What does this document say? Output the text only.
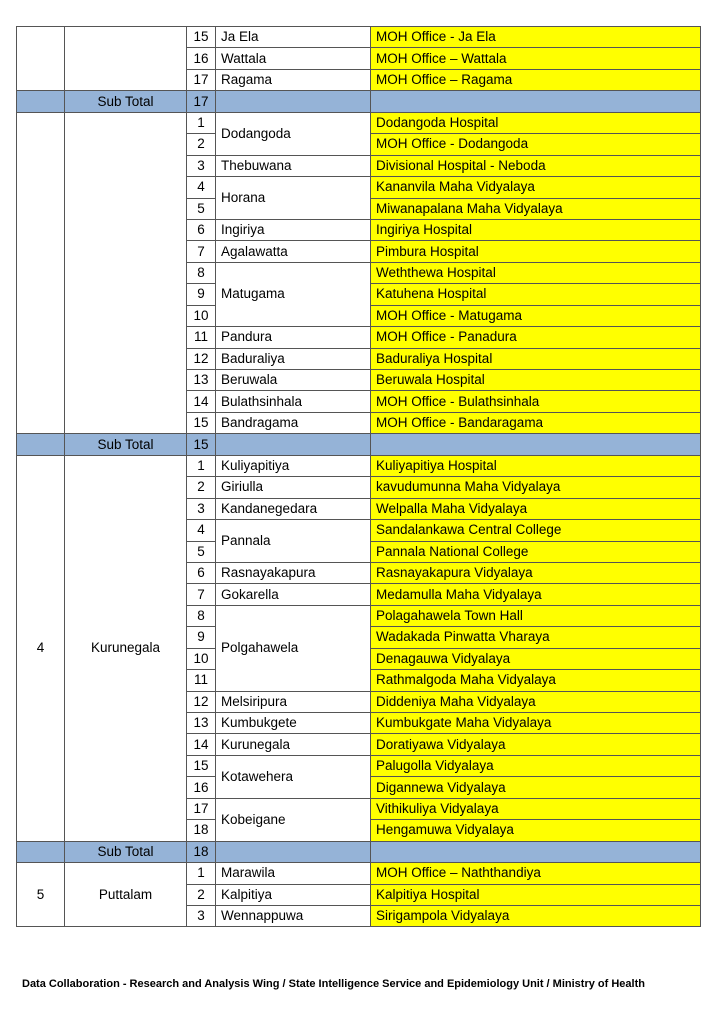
		15	Ja Ela	MOH Office - Ja Ela
		16	Wattala	MOH Office – Wattala
		17	Ragama	MOH Office – Ragama
	Sub Total	17		
		1	Dodangoda	Dodangoda Hospital
		2		MOH Office - Dodangoda
		3	Thebuwana	Divisional Hospital - Neboda
		4	Horana	Kananvila Maha Vidyalaya
		5		Miwanapalana Maha Vidyalaya
		6	Ingiriya	Ingiriya Hospital
		7	Agalawatta	Pimbura Hospital
		8	Matugama	Weththewa Hospital
		9		Katuhena Hospital
		10		MOH Office - Matugama
		11	Pandura	MOH Office - Panadura
		12	Baduraliya	Baduraliya Hospital
		13	Beruwala	Beruwala Hospital
		14	Bulathsinhala	MOH Office - Bulathsinhala
		15	Bandragama	MOH Office - Bandaragama
	Sub Total	15		
4	Kurunegala	1	Kuliyapitiya	Kuliyapitiya Hospital
		2	Giriulla	kavudumunna Maha Vidyalaya
		3	Kandanegedara	Welpalla Maha Vidyalaya
		4	Pannala	Sandalankawa Central College
		5		Pannala National College
		6	Rasnayakapura	Rasnayakapura Vidyalaya
		7	Gokarella	Medamulla Maha Vidyalaya
		8	Polgahawela	Polagahawela Town Hall
		9		Wadakada Pinwatta Vharaya
		10		Denagauwa Vidyalaya
		11		Rathmalgoda Maha Vidyalaya
		12	Melsiripura	Diddeniya Maha Vidyalaya
		13	Kumbukgete	Kumbukgate Maha Vidyalaya
		14	Kurunegala	Doratiyawa Vidyalaya
		15	Kotawehera	Palugolla Vidyalaya
		16		Digannewa Vidyalaya
		17	Kobeigane	Vithikuliya Vidyalaya
		18		Hengamuwa Vidyalaya
	Sub Total	18		
5	Puttalam	1	Marawila	MOH Office – Naththandiya
		2	Kalpitiya	Kalpitiya Hospital
		3	Wennappuwa	Sirigampola Vidyalaya
Data Collaboration - Research and Analysis Wing / State Intelligence Service and Epidemiology Unit / Ministry of Health
